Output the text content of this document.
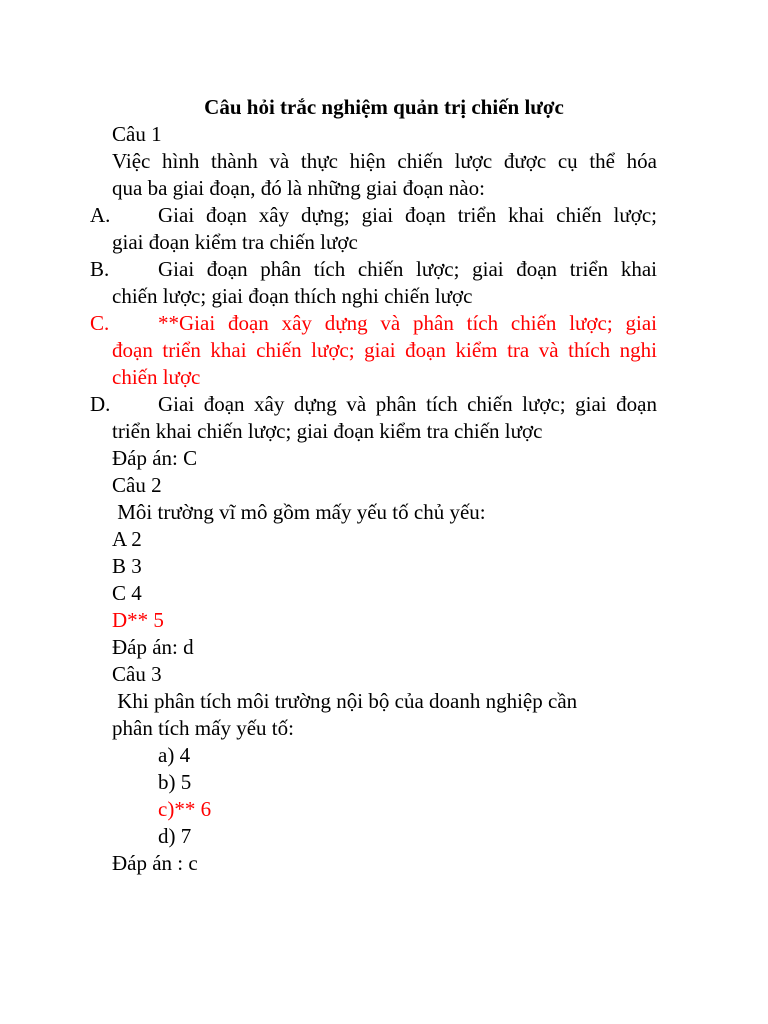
Câu hỏi trắc nghiệm quản trị chiến lược
Câu 1
Việc hình thành và thực hiện chiến lược được cụ thể hóa
qua ba giai đoạn, đó là những giai đoạn nào:
A.	Giai đoạn xây dựng; giai đoạn triển khai chiến lược;
giai đoạn kiểm tra chiến lược
B.	Giai đoạn phân tích chiến lược; giai đoạn triển khai
chiến lược; giai đoạn thích nghi chiến lược
C.	**Giai đoạn xây dựng và phân tích chiến lược; giai
đoạn triển khai chiến lược; giai đoạn kiểm tra và thích nghi
chiến lược
D.	Giai đoạn xây dựng và phân tích chiến lược; giai đoạn
triển khai chiến lược; giai đoạn kiểm tra chiến lược
Đáp án: C
Câu 2
Môi trường vĩ mô gồm mấy yếu tố chủ yếu:
A 2
B 3
C 4
D** 5
Đáp án: d
Câu 3
Khi phân tích môi trường nội bộ của doanh nghiệp cần
phân tích mấy yếu tố:
a) 4
b) 5
c)** 6
d) 7
Đáp án : c
